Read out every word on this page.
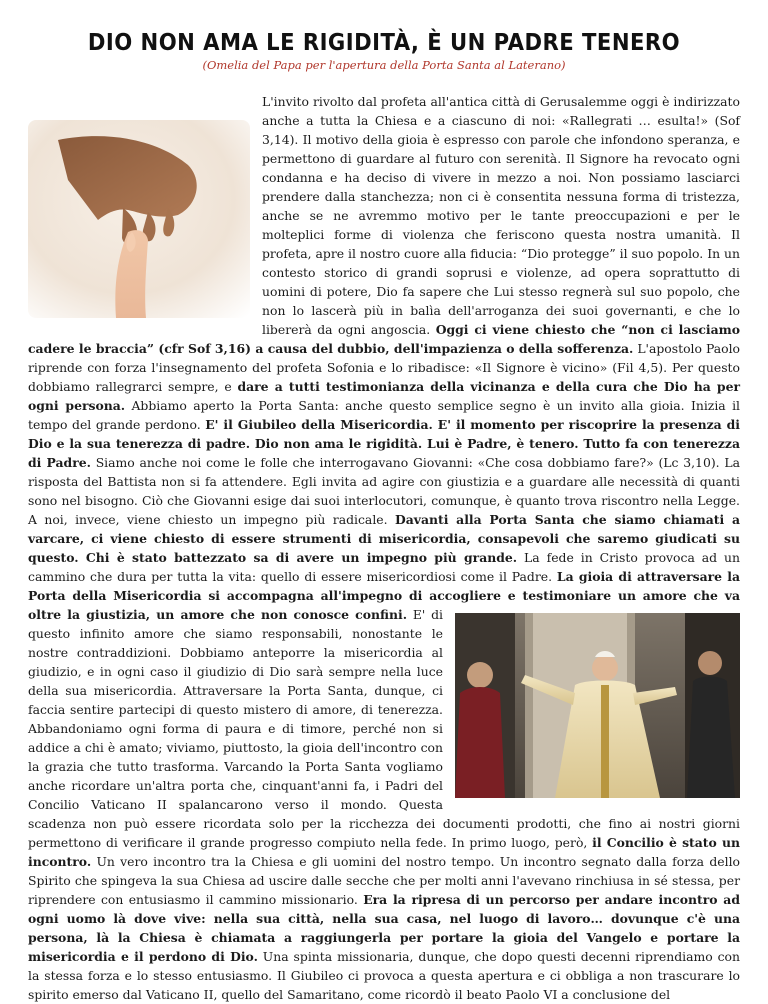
DIO NON AMA LE RIGIDITÀ, È UN PADRE TENERO
(Omelia del Papa per l'apertura della Porta Santa al Laterano)

L'invito rivolto dal profeta all'antica città di Gerusalemme oggi è indirizzato anche a tutta la Chiesa e a ciascuno di noi: «Rallegrati … esulta!» (Sof 3,14). Il motivo della gioia è espresso con parole che infondono speranza, e permettono di guardare al futuro con serenità. Il Signore ha revocato ogni condanna e ha deciso di vivere in mezzo a noi. Non possiamo lasciarci prendere dalla stanchezza; non ci è consentita nessuna forma di tristezza, anche se ne avremmo motivo per le tante preoccupazioni e per le molteplici forme di violenza che feriscono questa nostra umanità. Il profeta, apre il nostro cuore alla fiducia: “Dio protegge” il suo popolo. In un contesto storico di grandi soprusi e violenze, ad opera soprattutto di uomini di potere, Dio fa sapere che Lui stesso regnerà sul suo popolo, che non lo lascerà più in balìa dell'arroganza dei suoi governanti, e che lo libererà da ogni angoscia. Oggi ci viene chiesto che “non ci lasciamo cadere le braccia” (cfr Sof 3,16) a causa del dubbio, dell'impazienza o della sofferenza. L'apostolo Paolo riprende con forza l'insegnamento del profeta Sofonia e lo ribadisce: «Il Signore è vicino» (Fil 4,5). Per questo dobbiamo rallegrarci sempre, e dare a tutti testimonianza della vicinanza e della cura che Dio ha per ogni persona. Abbiamo aperto la Porta Santa: anche questo semplice segno è un invito alla gioia. Inizia il tempo del grande perdono. E' il Giubileo della Misericordia. E' il momento per riscoprire la presenza di Dio e la sua tenerezza di padre. Dio non ama le rigidità. Lui è Padre, è tenero. Tutto fa con tenerezza di Padre. Siamo anche noi come le folle che interrogavano Giovanni: «Che cosa dobbiamo fare?» (Lc 3,10). La risposta del Battista non si fa attendere. Egli invita ad agire con giustizia e a guardare alle necessità di quanti sono nel bisogno. Ciò che Giovanni esige dai suoi interlocutori, comunque, è quanto trova riscontro nella Legge. A noi, invece, viene chiesto un impegno più radicale. Davanti alla Porta Santa che siamo chiamati a varcare, ci viene chiesto di essere strumenti di misericordia, consapevoli che saremo giudicati su questo. Chi è stato battezzato sa di avere un impegno più grande. La fede in Cristo provoca ad un cammino che dura per tutta la vita: quello di essere misericordiosi come il Padre. La gioia di attraversare la Porta della Misericordia si accompagna all'impegno di accogliere e testimoniare un amore che va oltre la giustizia, un amore che non conosce confini.
E' di questo infinito amore che siamo responsabili, nonostante le nostre contraddizioni. Dobbiamo anteporre la misericordia al giudizio, e in ogni caso il giudizio di Dio sarà sempre nella luce della sua misericordia. Attraversare la Porta Santa, dunque, ci faccia sentire partecipi di questo mistero di amore, di tenerezza. Abbandoniamo ogni forma di paura e di timore, perché non si addice a chi è amato; viviamo, piuttosto, la gioia dell'incontro con la grazia che tutto trasforma. Varcando la Porta Santa vogliamo anche ricordare un'altra porta che, cinquant'anni fa, i Padri del Concilio Vaticano II spalancarono verso il mondo. Questa scadenza non può essere ricordata solo per la ricchezza dei documenti prodotti, che fino ai nostri giorni permettono di verificare il grande progresso compiuto nella fede. In primo luogo, però, il Concilio è stato un incontro. Un vero incontro tra la Chiesa e gli uomini del nostro tempo. Un incontro segnato dalla forza dello Spirito che spingeva la sua Chiesa ad uscire dalle secche che per molti anni l'avevano rinchiusa in sé stessa, per riprendere con entusiasmo il cammino missionario. Era la ripresa di un percorso per andare incontro ad ogni uomo là dove vive: nella sua città, nella sua casa, nel luogo di lavoro… dovunque c'è una persona, là la Chiesa è chiamata a raggiungerla per portare la gioia del Vangelo e portare la misericordia e il perdono di Dio. Una spinta missionaria, dunque, che dopo questi decenni riprendiamo con la stessa forza e lo stesso entusiasmo. Il Giubileo ci provoca a questa apertura e ci obbliga a non trascurare lo spirito emerso dal Vaticano II, quello del Samaritano, come ricordò il beato Paolo VI a conclusione del
